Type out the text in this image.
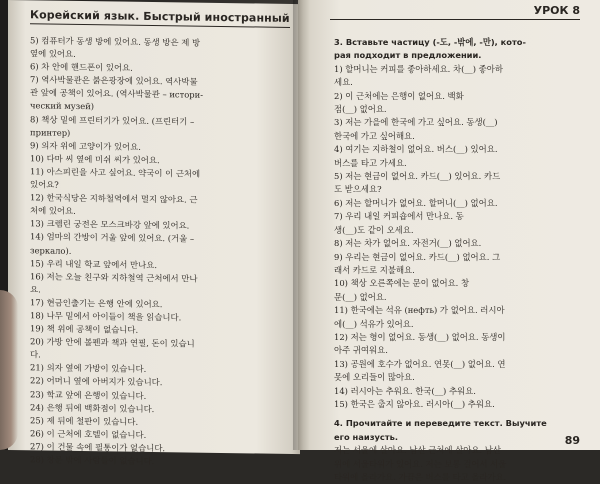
Корейский язык. Быстрый иностранный
5) 컴퓨터가 동생 방에 있어요. 동생 방은 제 방
옆에 있어요.
6) 차 안에 핸드폰이 있어요.
7) 역사박물관은 붉은광장에 있어요. 역사박물
관 앞에 공책이 있어요. (역사박물관 – истори-
ческий музей)
8) 책상 밑에 프린터기가 있어요. (프린터기 –
принтер)
9) 의자 위에 고양이가 있어요.
10) 다마 씨 옆에 미쉬 씨가 있어요.
11) 아스피린을 사고 싶어요. 약국이 이 근처에
있어요?
12) 한국식당은 지하철역에서 멀지 않아요. 근
처에 있어요.
13) 크렘린 궁전은 모스크바강 앞에 있어요.
14) 엄마의 간방이 거울 앞에 있어요. (거울 –
зеркало).
15) 우리 내일 학교 앞에서 만나요.
16) 저는 오늘 친구와 지하철역 근처에서 만나
요.
17) 현금인출기는 은행 안에 있어요.
18) 나무 밑에서 아이들이 책을 읽습니다.
19) 책 위에 공책이 없습니다.
20) 가방 안에 볼펜과 책과 연필, 돈이 있습니
다.
21) 의자 옆에 가방이 있습니다.
22) 어머니 옆에 아버지가 있습니다.
23) 학교 앞에 은행이 있습니다.
24) 은행 뒤에 백화점이 있습니다.
25) 제 뒤에 철판이 있습니다.
26) 이 근처에 호텔이 없습니다.
27) 이 건물 속에 필통이가 없습니다.
28) 창문 밖에 사람들이 없습니다.
УРОК 8
3. Вставьте частицу (-도, -밖에, -만), кото-
рая подходит в предложении.
1) 할머니는 커피를 좋아하세요. 차(__) 좋아하
세요.
2) 이 근처에는 은행이 없어요. 백화
점(__) 없어요.
3) 저는 가을에 한국에 가고 싶어요. 동생(__)
한국에 가고 싶어해요.
4) 여기는 지하철이 없어요. 버스(__) 있어요.
버스를 타고 가세요.
5) 저는 현금이 없어요. 카드(__) 있어요. 카드
도 받으세요?
6) 저는 할머니가 없어요. 할머니(__) 없어요.
7) 우리 내일 커피숍에서 만나요. 동
생(__)도 같이 오세요.
8) 저는 차가 없어요. 자전거(__) 없어요.
9) 우리는 현금이 없어요. 카드(__) 없어요. 그
래서 카드로 지불해요.
10) 책상 오른쪽에는 문이 없어요. 창
문(__) 없어요.
11) 한국에는 석유 (нефть) 가 없어요. 러시아
에(__) 석유가 있어요.
12) 저는 형이 없어요. 동생(__) 없어요. 동생이
아주 귀여워요.
13) 공원에 호수가 없어요. 연못(__) 없어요. 연
못에 오리들이 많아요.
14) 러시아는 추워요. 한국(__) 추워요.
15) 한국은 춥지 않아요. 러시아(__) 추워요.
4. Прочитайте и переведите текст. Выучите
его наизусть.
저는 서울에 살아요. 남산 근처에 살아요. 남산
위에 서울타워가 있어요. 저는 보통 걸어서 서울
타워에 올라가요. 가끔은 버스를 타고 올라가요.
89
